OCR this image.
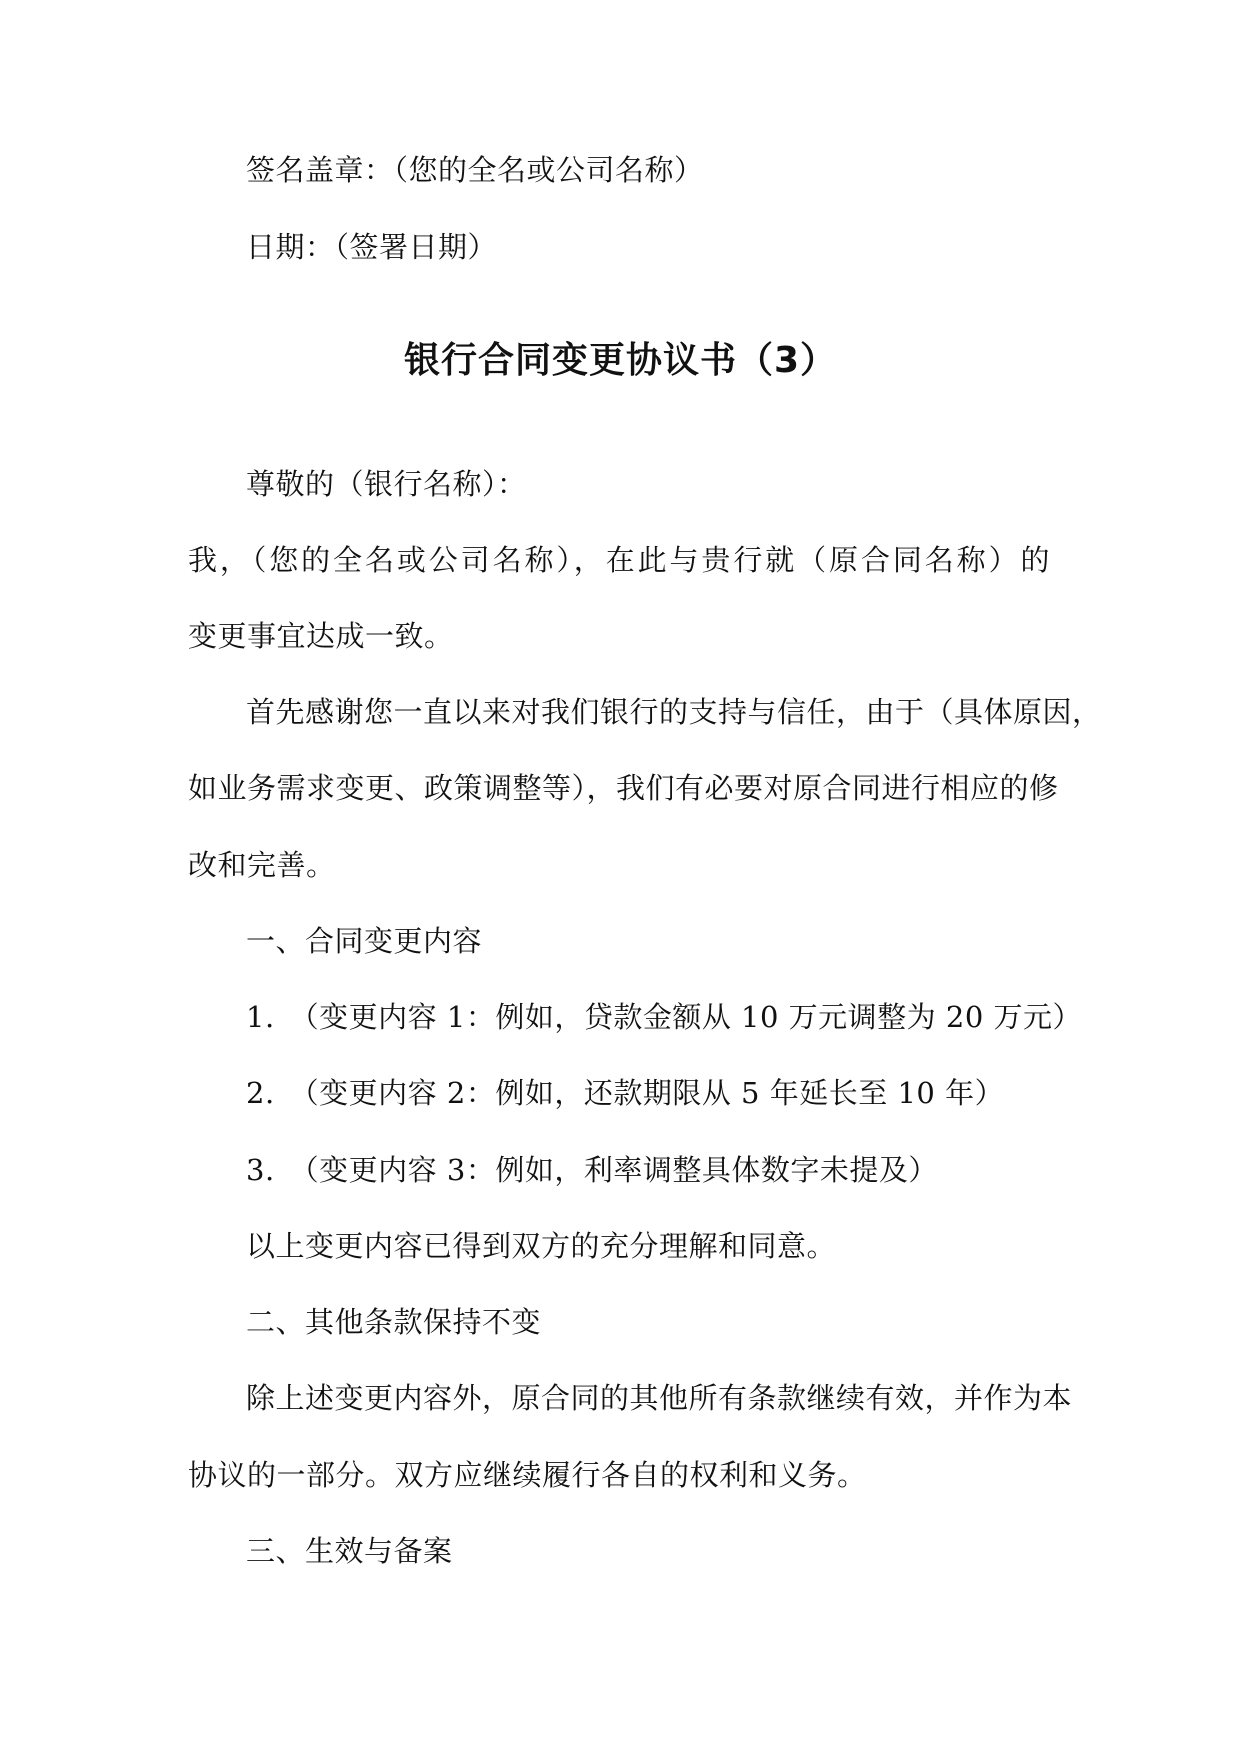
签名盖章：（您的全名或公司名称）
日期：（签署日期）
银行合同变更协议书（3）
尊敬的（银行名称）：
我，（您的全名或公司名称），在此与贵行就（原合同名称）的
变更事宜达成一致。
首先感谢您一直以来对我们银行的支持与信任，由于（具体原因，
如业务需求变更、政策调整等），我们有必要对原合同进行相应的修
改和完善。
一、合同变更内容
1.　（变更内容 1：例如，贷款金额从 10 万元调整为 20 万元）
2.　（变更内容 2：例如，还款期限从 5 年延长至 10 年）
3.　（变更内容 3：例如，利率调整具体数字未提及）
以上变更内容已得到双方的充分理解和同意。
二、其他条款保持不变
除上述变更内容外，原合同的其他所有条款继续有效，并作为本
协议的一部分。双方应继续履行各自的权利和义务。
三、生效与备案
